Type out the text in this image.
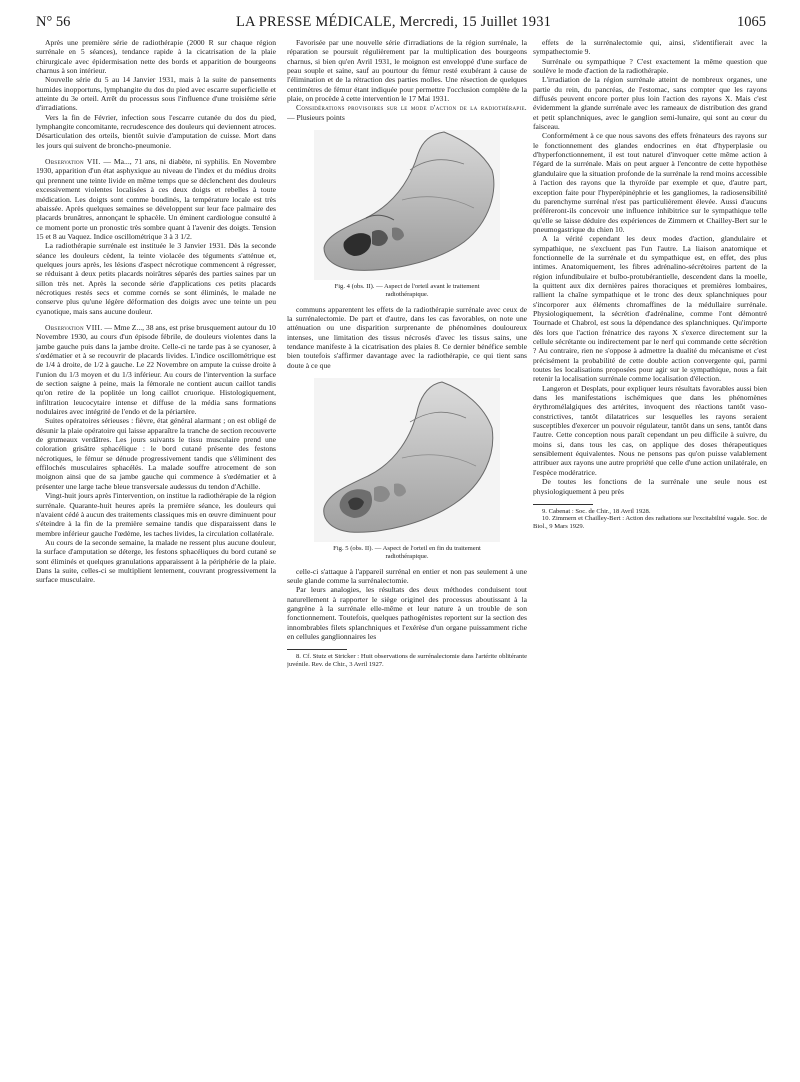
N° 56	LA PRESSE MÉDICALE, Mercredi, 15 Juillet 1931	1065

Après une première série de radiothérapie (2000 R sur chaque région surrénale en 5 séances), tendance rapide à la cicatrisation de la plaie chirurgicale avec épidermisation nette des bords et apparition de bourgeons charnus à son intérieur.

Nouvelle série du 5 au 14 Janvier 1931, mais à la suite de pansements humides inopportuns, lymphangite du dos du pied avec escarre superficielle et atteinte du 3e orteil. Arrêt du processus sous l'influence d'une troisième série d'irradiations.

Vers la fin de Février, infection sous l'escarre cutanée du dos du pied, lymphangite concomitante, recrudescence des douleurs qui deviennent atroces. Désarticulation des orteils, bientôt suivie d'amputation de cuisse. Mort dans les jours qui suivent de broncho-pneumonie.

Observation VII. — Ma..., 71 ans, ni diabète, ni syphilis. En Novembre 1930, apparition d'un état asphyxique au niveau de l'index et du médius droits qui prennent une teinte livide en même temps que se déclenchent des douleurs excessivement violentes localisées à ces deux doigts et rebelles à toute médication. Les doigts sont comme boudinés, la température locale est très abaissée. Après quelques semaines se développent sur leur face palmaire des placards brunâtres, annonçant le sphacèle. Un éminent cardiologue consulté à ce moment porte un pronostic très sombre quant à l'avenir des doigts. Tension 15 et 8 au Vaquez. Indice oscillométrique 3 à 3 1/2.

La radiothérapie surrénale est instituée le 3 Janvier 1931. Dès la seconde séance les douleurs cèdent, la teinte violacée des téguments s'atténue et, quelques jours après, les lésions d'aspect nécrotique commencent à régresser, se réduisant à deux petits placards noirâtres séparés des parties saines par un sillon très net. Après la seconde série d'applications ces petits placards nécrotiques restés secs et comme cornés se sont éliminés, le malade ne conserve plus qu'une légère déformation des doigts avec une teinte un peu cyanotique, mais sans aucune douleur.

Observation VIII. — Mme Z..., 38 ans, est prise brusquement autour du 10 Novembre 1930, au cours d'un épisode fébrile, de douleurs violentes dans la jambe gauche puis dans la jambe droite. Celle-ci ne tarde pas à se cyanoser, à s'œdématier et à se recouvrir de placards livides. L'indice oscillométrique est de 1/4 à droite, de 1/2 à gauche. Le 22 Novembre on ampute la cuisse droite à l'union du 1/3 moyen et du 1/3 inférieur. Au cours de l'intervention la surface de section saigne à peine, mais la fémorale ne contient aucun caillot tandis qu'on retire de la poplitée un long caillot cruorique. Histologiquement, infiltration leucocytaire intense et diffuse de la média sans formations nodulaires avec intégrité de l'endo et de la périartère.

Suites opératoires sérieuses : fièvre, état général alarmant ; on est obligé de désunir la plaie opératoire qui laisse apparaître la tranche de section recouverte de grumeaux verdâtres. Les jours suivants le tissu musculaire prend une coloration grisâtre sphacélique : le bord cutané présente des festons nécrotiques, le fémur se dénude progressivement tandis que s'éliminent des effilochés musculaires sphacélés. La malade souffre atrocement de son moignon ainsi que de sa jambe gauche qui commence à s'œdématier et à présenter une large tache bleue transversale audessus du tendon d'Achille.

Vingt-huit jours après l'intervention, on institue la radiothérapie de la région surrénale. Quarante-huit heures après la première séance, les douleurs qui n'avaient cédé à aucun des traitements classiques mis en œuvre diminuent pour s'éteindre à la fin de la première semaine tandis que disparaissent dans le membre inférieur gauche l'œdème, les taches livides, la circulation collatérale.

Au cours de la seconde semaine, la malade ne ressent plus aucune douleur, la surface d'amputation se déterge, les festons sphacéliques du bord cutané se sont éliminés et quelques granulations apparaissent à la périphérie de la plaie. Dans la suite, celles-ci se multiplient lentement, couvrant progressivement la surface musculaire.

Favorisée par une nouvelle série d'irradiations de la région surrénale, la réparation se poursuit régulièrement par la multiplication des bourgeons charnus, si bien qu'en Avril 1931, le moignon est enveloppé d'une surface de peau souple et saine, sauf au pourtour du fémur resté exubérant à cause de l'élimination et de la rétraction des parties molles. Une résection de quelques centimètres de fémur étant indiquée pour permettre l'occlusion complète de la plaie, on procède à cette intervention le 17 Mai 1931.

Considérations provisoires sur le mode d'action de la radiothérapie. — Plusieurs points

Fig. 4 (obs. II). — Aspect de l'orteil avant le traitement radiothérapique.

communs apparentent les effets de la radiothérapie surrénale avec ceux de la surrénalectomie. De part et d'autre, dans les cas favorables, on note une atténuation ou une disparition surprenante de phénomènes douloureux intenses, une limitation des tissus nécrosés d'avec les tissus sains, une tendance manifeste à la cicatrisation des plaies 8. Ce dernier bénéfice semble bien toutefois s'affirmer davantage avec la radiothérapie, ce qui tient sans doute à ce que

Fig. 5 (obs. II). — Aspect de l'orteil en fin du traitement radiothérapique.

celle-ci s'attaque à l'appareil surrénal en entier et non pas seulement à une seule glande comme la surrénalectomie.

Par leurs analogies, les résultats des deux méthodes conduisent tout naturellement à rapporter le siège originel des processus aboutissant à la gangrène à la surrénale elle-même et leur nature à un trouble de son fonctionnement. Toutefois, quelques pathogénistes reportent sur la section des innombrables filets splanchniques et l'exérèse d'un organe puissamment riche en cellules ganglionnaires les

8. Cf. Stutz et Stricker : Huit observations de surrénalectomie dans l'artérite oblitérante juvénile. Rev. de Chir., 3 Avril 1927.

effets de la surrénalectomie qui, ainsi, s'identifierait avec la sympathectomie 9.

Surrénale ou sympathique ? C'est exactement la même question que soulève le mode d'action de la radiothérapie.

L'irradiation de la région surrénale atteint de nombreux organes, une partie du rein, du pancréas, de l'estomac, sans compter que les rayons diffusés peuvent encore porter plus loin l'action des rayons X. Mais c'est évidemment la glande surrénale avec les rameaux de distribution des grand et petit splanchniques, avec le ganglion semi-lunaire, qui sont au cœur du faisceau.

Conformément à ce que nous savons des effets frénateurs des rayons sur le fonctionnement des glandes endocrines en état d'hyperplasie ou d'hyperfonctionnement, il est tout naturel d'invoquer cette même action à l'égard de la surrénale. Mais on peut arguer à l'encontre de cette hypothèse glandulaire que la situation profonde de la surrénale la rend moins accessible à l'action des rayons que la thyroïde par exemple et que, d'autre part, exception faite pour l'hyperépinéphrie et les gangliomes, la radiosensibilité du parenchyme surrénal n'est pas particulièrement élevée. Aussi d'aucuns préféreront-ils concevoir une influence inhibitrice sur le sympathique telle qu'elle se laisse déduire des expériences de Zimmern et Chailley-Bert sur le pneumogastrique du chien 10.

A la vérité cependant les deux modes d'action, glandulaire et sympathique, ne s'excluent pas l'un l'autre. La liaison anatomique et fonctionnelle de la surrénale et du sympathique est, en effet, des plus intimes. Anatomiquement, les fibres adrénalino-sécrétoires partent de la région infundibulaire et bulbo-protubérantielle, descendent dans la moelle, la quittent aux dix dernières paires thoraciques et premières lombaires, rallient la chaîne sympathique et le tronc des deux splanchniques pour s'incorporer aux éléments chromaffines de la médullaire surrénale. Physiologiquement, la sécrétion d'adrénaline, comme l'ont démontré Tournade et Chabrol, est sous la dépendance des splanchniques. Qu'importe dès lors que l'action frénatrice des rayons X s'exerce directement sur la cellule sécrétante ou indirectement par le nerf qui commande cette sécrétion ? Au contraire, rien ne s'oppose à admettre la dualité du mécanisme et c'est précisément la probabilité de cette double action convergente qui, parmi toutes les localisations proposées pour agir sur le sympathique, nous a fait retenir la localisation surrénale comme localisation d'élection.

Langeron et Desplats, pour expliquer leurs résultats favorables aussi bien dans les manifestations ischémiques que dans les phénomènes érythromélalgiques des artérites, invoquent des réactions tantôt vaso-constrictives, tantôt dilatatrices sur lesquelles les rayons seraient susceptibles d'exercer un pouvoir régulateur, tantôt dans un sens, tantôt dans l'autre. Cette conception nous paraît cependant un peu difficile à suivre, du moins si, dans tous les cas, on applique des doses thérapeutiques sensiblement équivalentes. Nous ne pensons pas qu'on puisse valablement attribuer aux rayons une autre propriété que celle d'une action unilatérale, en l'espèce modératrice.

De toutes les fonctions de la surrénale une seule nous est physiologiquement à peu près

9. Cabenat : Soc. de Chir., 18 Avril 1928.

10. Zimmern et Chailley-Bert : Action des radiations sur l'excitabilité vagale. Soc. de Biol., 9 Mars 1929.
